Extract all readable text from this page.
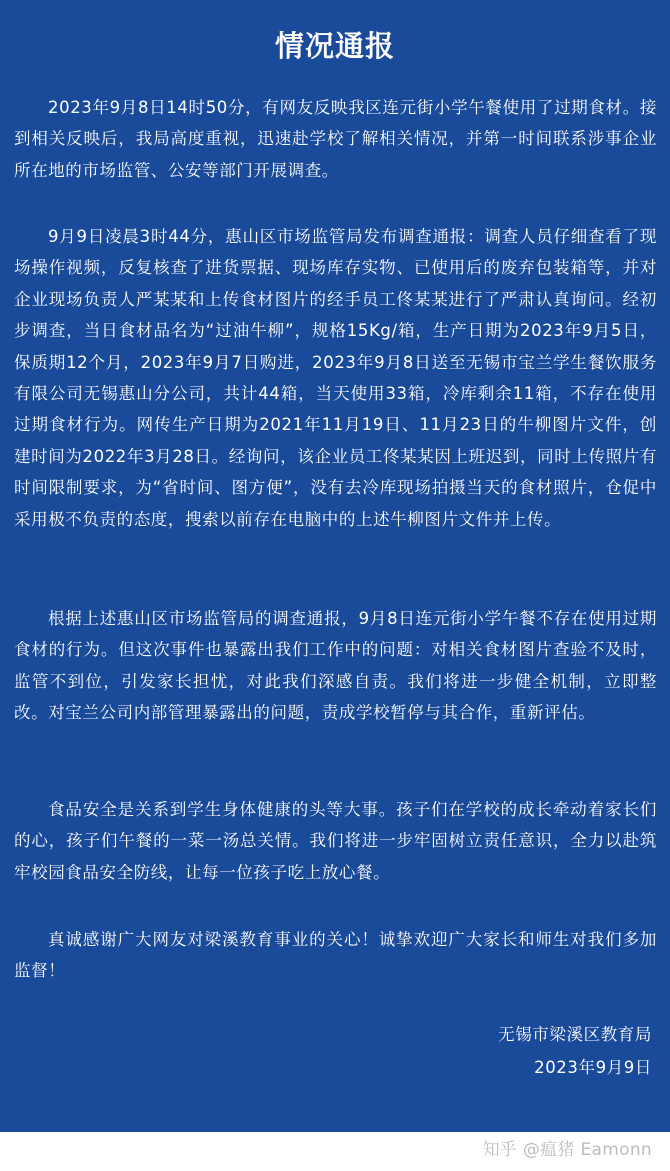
情况通报

2023年9月8日14时50分，有网友反映我区连元街小学午餐使用了过期食材。接到相关反映后，我局高度重视，迅速赴学校了解相关情况，并第一时间联系涉事企业所在地的市场监管、公安等部门开展调查。

9月9日凌晨3时44分，惠山区市场监管局发布调查通报：调查人员仔细查看了现场操作视频，反复核查了进货票据、现场库存实物、已使用后的废弃包装箱等，并对企业现场负责人严某某和上传食材图片的经手员工佟某某进行了严肃认真询问。经初步调查，当日食材品名为“过油牛柳”，规格15Kg/箱，生产日期为2023年9月5日，保质期12个月，2023年9月7日购进，2023年9月8日送至无锡市宝兰学生餐饮服务有限公司无锡惠山分公司，共计44箱，当天使用33箱，冷库剩余11箱，不存在使用过期食材行为。网传生产日期为2021年11月19日、11月23日的牛柳图片文件，创建时间为2022年3月28日。经询问，该企业员工佟某某因上班迟到，同时上传照片有时间限制要求，为“省时间、图方便”，没有去冷库现场拍摄当天的食材照片，仓促中采用极不负责的态度，搜索以前存在电脑中的上述牛柳图片文件并上传。

根据上述惠山区市场监管局的调查通报，9月8日连元街小学午餐不存在使用过期食材的行为。但这次事件也暴露出我们工作中的问题：对相关食材图片查验不及时，监管不到位，引发家长担忧，对此我们深感自责。我们将进一步健全机制，立即整改。对宝兰公司内部管理暴露出的问题，责成学校暂停与其合作，重新评估。

食品安全是关系到学生身体健康的头等大事。孩子们在学校的成长牵动着家长们的心，孩子们午餐的一菜一汤总关情。我们将进一步牢固树立责任意识，全力以赴筑牢校园食品安全防线，让每一位孩子吃上放心餐。

真诚感谢广大网友对梁溪教育事业的关心！诚挚欢迎广大家长和师生对我们多加监督！

无锡市梁溪区教育局
2023年9月9日
知乎 @瘟猪 Eamonn
